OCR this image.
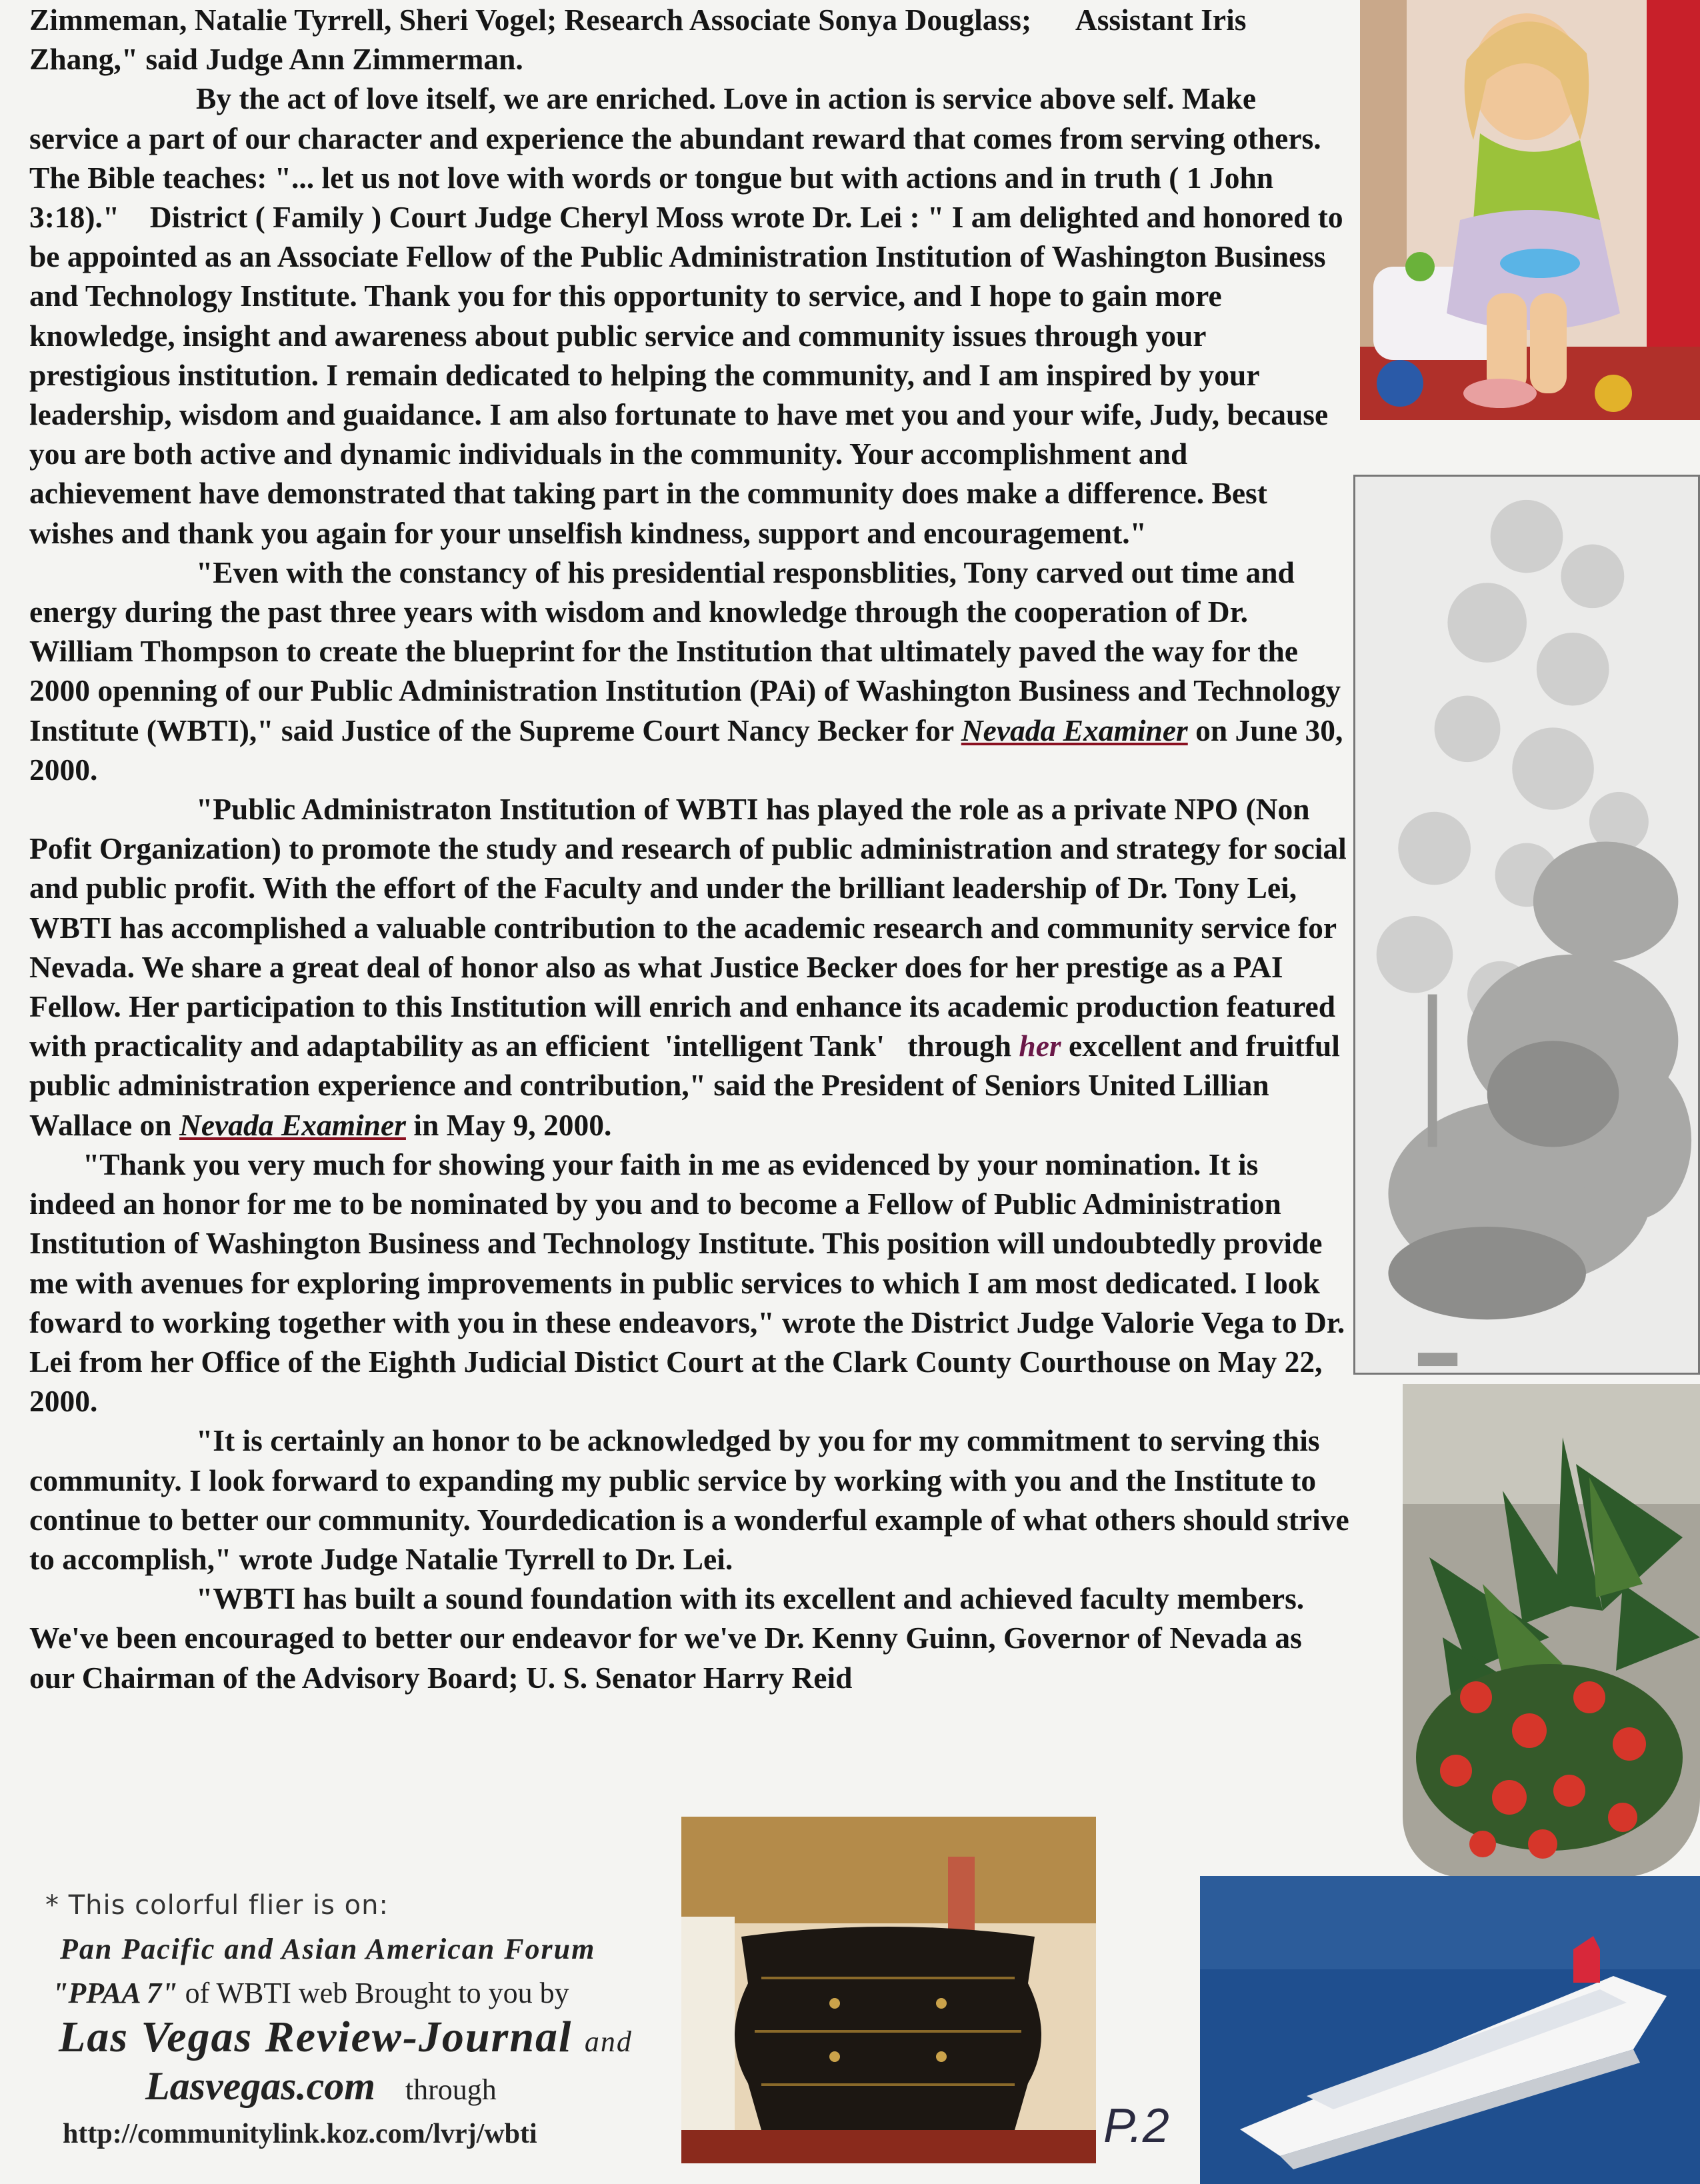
Zimmeman, Natalie Tyrrell, Sheri Vogel; Research Associate Sonya Douglass;      Assistant Iris Zhang," said Judge Ann Zimmerman.

By the act of love itself, we are enriched. Love in action is service above self. Make service a part of our character and experience the abundant reward that comes from serving others. The Bible teaches: "... let us not love with words or tongue but with actions and in truth ( 1 John 3:18)."    District ( Family ) Court Judge Cheryl Moss wrote Dr. Lei : " I am delighted and honored to be appointed as an Associate Fellow of the Public Administration Institution of Washington Business and Technology Institute. Thank you for this opportunity to service, and I hope to gain more knowledge, insight and awareness about public service and community issues through your prestigious institution. I remain dedicated to helping the community, and I am inspired by your leadership, wisdom and guaidance. I am also fortunate to have met you and your wife, Judy, because you are both active and dynamic individuals in the community. Your accomplishment and achievement have demonstrated that taking part in the community does make a difference. Best wishes and thank you again for your unselfish kindness, support and encouragement."

"Even with the constancy of his presidential responsblities, Tony carved out time and energy during the past three years with wisdom and knowledge through the cooperation of Dr. William Thompson to create the blueprint for the Institution that ultimately paved the way for the 2000 openning of our Public Administration Institution (PAi) of Washington Business and Technology Institute (WBTI)," said Justice of the Supreme Court Nancy Becker for Nevada Examiner on June 30, 2000.

"Public Administraton Institution of WBTI has played the role as a private NPO (Non Pofit Organization) to promote the study and research of public administration and strategy for social and public profit. With the effort of the Faculty and under the brilliant leadership of Dr. Tony Lei, WBTI has accomplished a valuable contribution to the academic research and community service for Nevada. We share a great deal of honor also as what Justice Becker does for her prestige as a PAI Fellow. Her participation to this Institution will enrich and enhance its academic production featured with practicality and adaptability as an efficient  'intelligent Tank'   through her excellent and fruitful public administration experience and contribution," said the President of Seniors United Lillian Wallace on Nevada Examiner in May 9, 2000.

"Thank you very much for showing your faith in me as evidenced by your nomination. It is indeed an honor for me to be nominated by you and to become a Fellow of Public Administration Institution of Washington Business and Technology Institute. This position will undoubtedly provide me with avenues for exploring improvements in public services to which I am most dedicated. I look foward to working together with you in these endeavors," wrote the District Judge Valorie Vega to Dr. Lei from her Office of the Eighth Judicial Distict Court at the Clark County Courthouse on May 22, 2000.

"It is certainly an honor to be acknowledged by you for my commitment to serving this community. I look forward to expanding my public service by working with you and the Institute to continue to better our community. Yourdedication is a wonderful example of what others should strive to accomplish," wrote Judge Natalie Tyrrell to Dr. Lei.

"WBTI has built a sound foundation with its excellent and achieved faculty members. We've been encouraged to better our endeavor for we've Dr. Kenny Guinn, Governor of Nevada as our Chairman of the Advisory Board; U. S. Senator Harry Reid

* This colorful flier is on:
Pan Pacific and Asian American Forum
"PPAA 7" of WBTI web Brought to you by
Las Vegas Review-Journal and
Lasvegas.com through
http://communitylink.koz.com/lvrj/wbti	P.2
